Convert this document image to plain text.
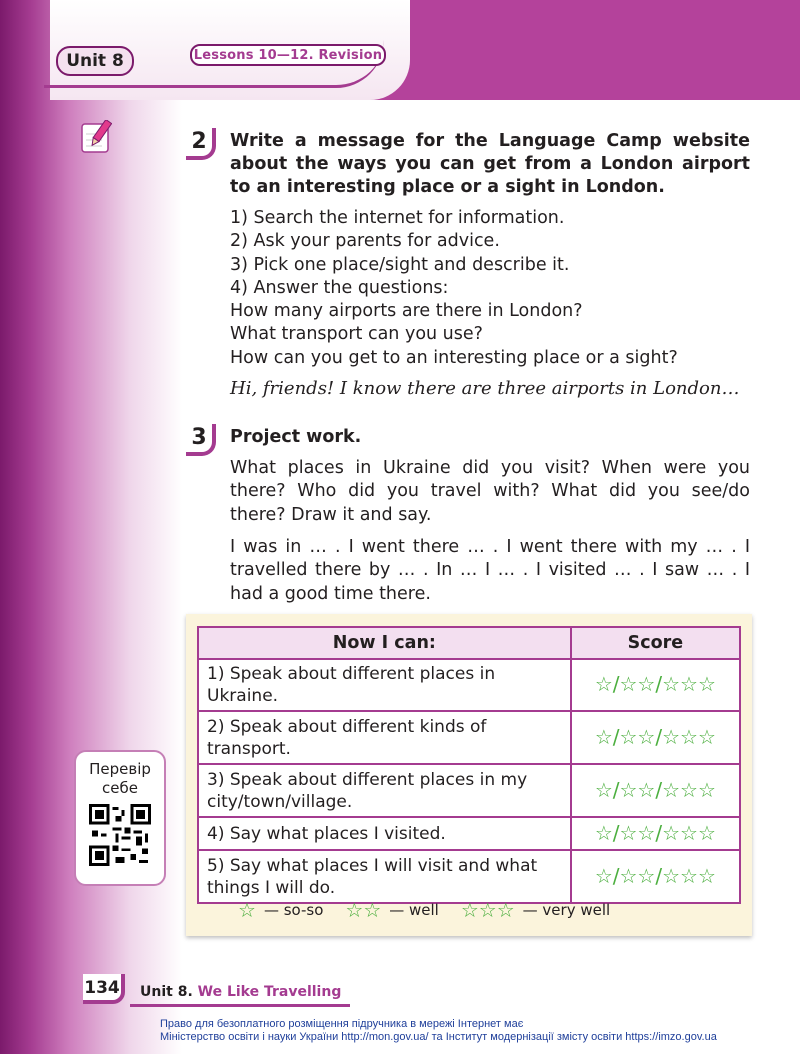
Unit 8	Lessons 10—12. Revision
2	Write a message for the Language Camp website about the ways you can get from a London airport to an interesting place or a sight in London.
1) Search the internet for information.
2) Ask your parents for advice.
3) Pick one place/sight and describe it.
4) Answer the questions:
How many airports are there in London?
What transport can you use?
How can you get to an interesting place or a sight?
Hi, friends! I know there are three airports in London…
3	Project work.
What places in Ukraine did you visit? When were you there? Who did you travel with? What did you see/do there? Draw it and say.
I was in … . I went there … . I went there with my … . I travelled there by … . In … I … . I visited … . I saw … . I had a good time there.
Now I can:	Score
1) Speak about different places in Ukraine.	☆/☆☆/☆☆☆
2) Speak about different kinds of transport.	☆/☆☆/☆☆☆
3) Speak about different places in my city/town/village.	☆/☆☆/☆☆☆
4) Say what places I visited.	☆/☆☆/☆☆☆
5) Say what places I will visit and what things I will do.	☆/☆☆/☆☆☆
☆ — so-so ☆☆ — well ☆☆☆ — very well
Перевір
себе
134	Unit 8. We Like Travelling
Право для безоплатного розміщення підручника в мережі Інтернет має
Міністерство освіти і науки України http://mon.gov.ua/ та Інститут модернізації змісту освіти https://imzo.gov.ua
